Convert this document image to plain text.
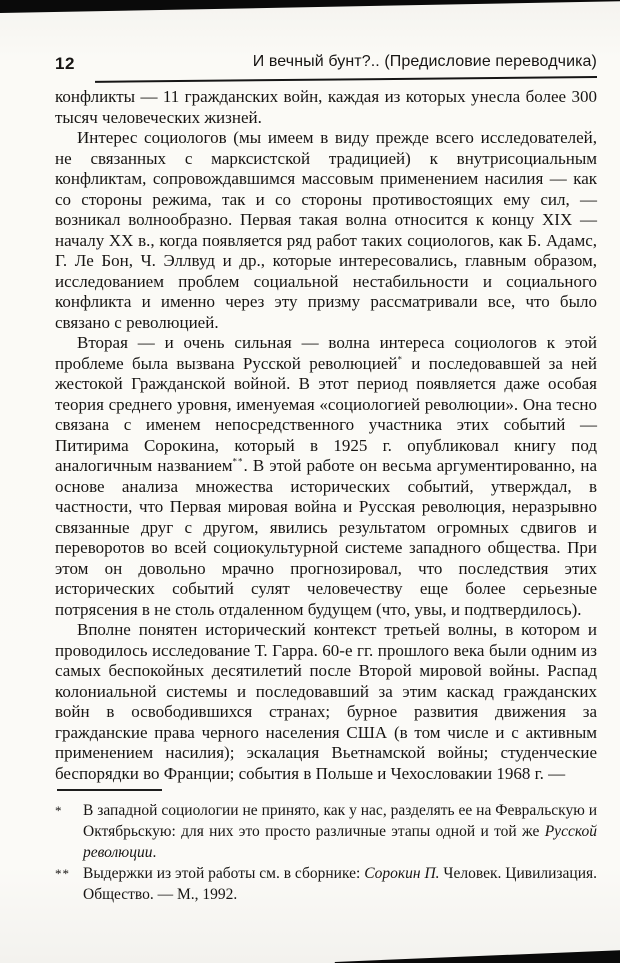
12	И вечный бунт?.. (Предисловие переводчика)

конфликты — 11 гражданских войн, каждая из которых унесла более 300 тысяч человеческих жизней.

Интерес социологов (мы имеем в виду прежде всего исследователей, не связанных с марксистской традицией) к внутрисоциальным конфликтам, сопровождавшимся массовым применением насилия — как со стороны режима, так и со стороны противостоящих ему сил, — возникал волнообразно. Первая такая волна относится к концу XIX — началу XX в., когда появляется ряд работ таких социологов, как Б. Адамс, Г. Ле Бон, Ч. Эллвуд и др., которые интересовались, главным образом, исследованием проблем социальной нестабильности и социального конфликта и именно через эту призму рассматривали все, что было связано с революцией.

Вторая — и очень сильная — волна интереса социологов к этой проблеме была вызвана Русской революцией* и последовавшей за ней жестокой Гражданской войной. В этот период появляется даже особая теория среднего уровня, именуемая «социологией революции». Она тесно связана с именем непосредственного участника этих событий — Питирима Сорокина, который в 1925 г. опубликовал книгу под аналогичным названием**. В этой работе он весьма аргументированно, на основе анализа множества исторических событий, утверждал, в частности, что Первая мировая война и Русская революция, неразрывно связанные друг с другом, явились результатом огромных сдвигов и переворотов во всей социокультурной системе западного общества. При этом он довольно мрачно прогнозировал, что последствия этих исторических событий сулят человечеству еще более серьезные потрясения в не столь отдаленном будущем (что, увы, и подтвердилось).

Вполне понятен исторический контекст третьей волны, в котором и проводилось исследование Т. Гарра. 60-е гг. прошлого века были одним из самых беспокойных десятилетий после Второй мировой войны. Распад колониальной системы и последовавший за этим каскад гражданских войн в освободившихся странах; бурное развития движения за гражданские права черного населения США (в том числе и с активным применением насилия); эскалация Вьетнамской войны; студенческие беспорядки во Франции; события в Польше и Чехословакии 1968 г. —

*	В западной социологии не принято, как у нас, разделять ее на Февральскую и Октябрьскую: для них это просто различные этапы одной и той же Русской революции.
** Выдержки из этой работы см. в сборнике: Сорокин П. Человек. Цивилизация. Общество. — М., 1992.
